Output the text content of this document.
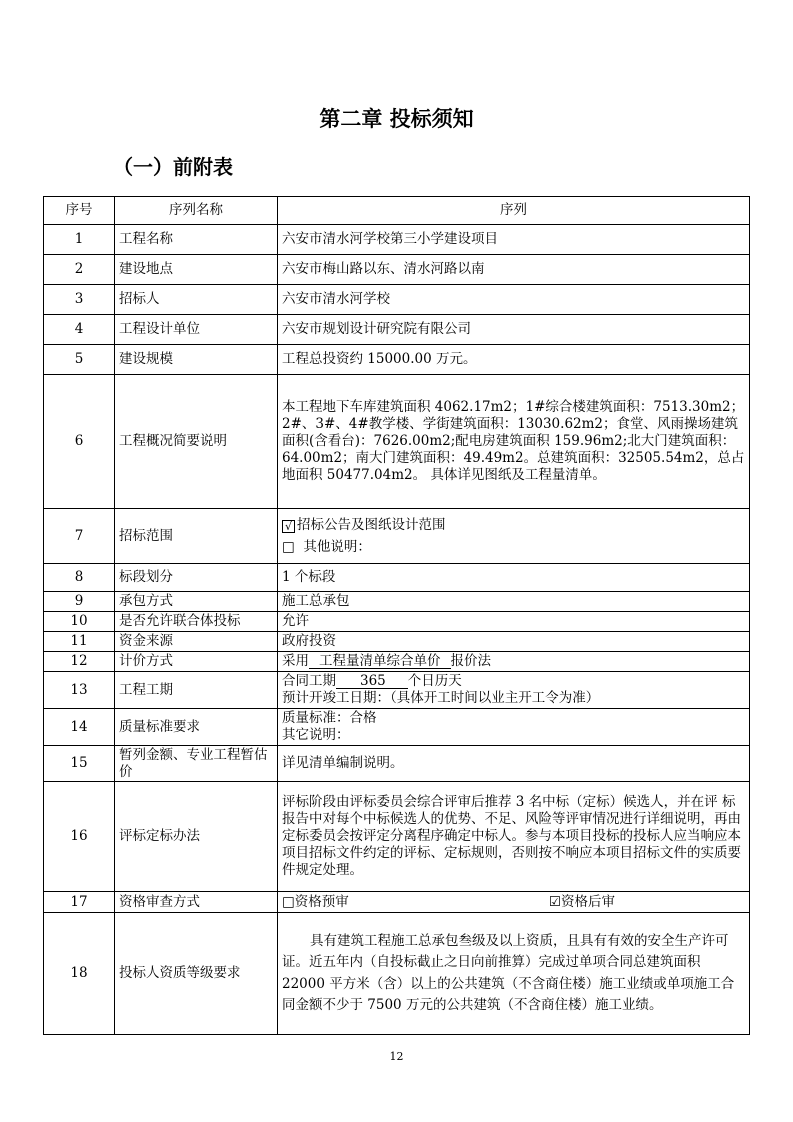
第二章 投标须知
（一）前附表
序号	序列名称	序列
1	工程名称	六安市清水河学校第三小学建设项目
2	建设地点	六安市梅山路以东、清水河路以南
3	招标人	六安市清水河学校
4	工程设计单位	六安市规划设计研究院有限公司
5	建设规模	工程总投资约 15000.00 万元。
6	工程概况简要说明	本工程地下车库建筑面积 4062.17m2；1#综合楼建筑面积：7513.30m2；2#、3#、4#教学楼、学街建筑面积：13030.62m2；食堂、风雨操场建筑面积(含看台)：7626.00m2;配电房建筑面积 159.96m2;北大门建筑面积：64.00m2；南大门建筑面积：49.49m2。总建筑面积：32505.54m2，总占地面积 50477.04m2。 具体详见图纸及工程量清单。
7	招标范围	√ 招标公告及图纸设计范围
□ 其他说明：

8	标段划分	1 个标段
9	承包方式	施工总承包
10	是否允许联合体投标	允许
11	资金来源	政府投资
12	计价方式	采用 工程量清单综合单价 报价法
13	工程工期	合同工期 365 个日历天
预计开竣工日期：（具体开工时间以业主开工令为准）

14	质量标准要求	质量标准：合格
其它说明：

15	暂列金额、专业工程暂估价	详见清单编制说明。
16	评标定标办法	评标阶段由评标委员会综合评审后推荐 3 名中标（定标）候选人，并在评 标报告中对每个中标候选人的优势、不足、风险等评审情况进行详细说明，再由定标委员会按评定分离程序确定中标人。参与本项目投标的投标人应当响应本项目招标文件约定的评标、定标规则，否则按不响应本项目招标文件的实质要件规定处理。
17	资格审查方式	□资格预审 ☑资格后审

18	投标人资质等级要求	具有建筑工程施工总承包叁级及以上资质，且具有有效的安全生产许可证。近五年内（自投标截止之日向前推算）完成过单项合同总建筑面积 22000 平方米（含）以上的公共建筑（不含商住楼）施工业绩或单项施工合同金额不少于 7500 万元的公共建筑（不含商住楼）施工业绩。
12
